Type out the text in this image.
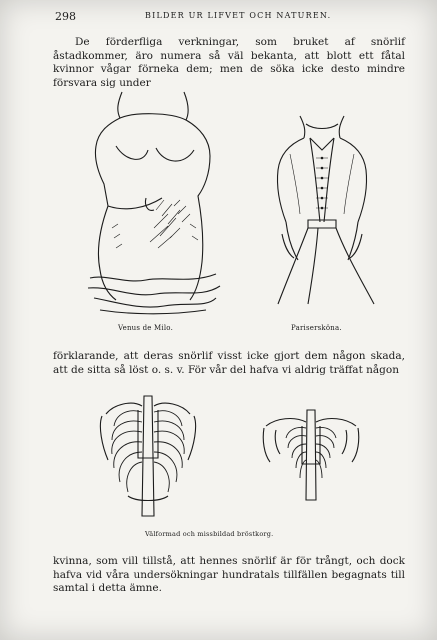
298	BILDER UR LIFVET OCH NATUREN.

De förderfliga verkningar, som bruket af snörlif åstadkommer, äro numera så väl bekanta, att blott ett fåtal kvinnor vågar förneka dem; men de söka icke desto mindre försvara sig under

Venus de Milo.	Parisersköna.

förklarande, att deras snörlif visst icke gjort dem någon skada, att de sitta så löst o. s. v. För vår del hafva vi aldrig träffat någon

Välformad och missbildad bröstkorg.

kvinna, som vill tillstå, att hennes snörlif är för trångt, och dock hafva vid våra undersökningar hundratals tillfällen begagnats till samtal i detta ämne.
